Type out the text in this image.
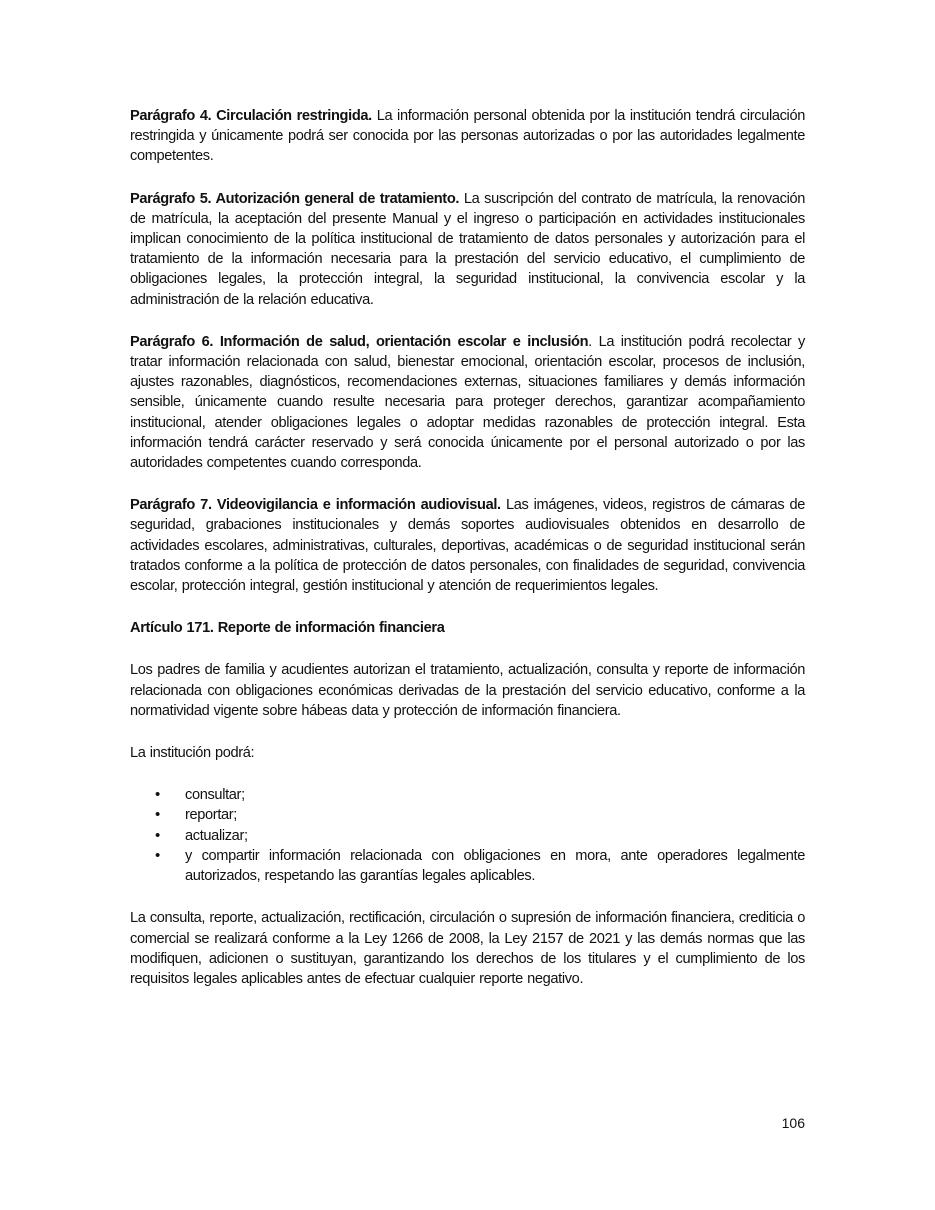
Parágrafo 4. Circulación restringida. La información personal obtenida por la institución tendrá circulación restringida y únicamente podrá ser conocida por las personas autorizadas o por las autoridades legalmente competentes.

Parágrafo 5. Autorización general de tratamiento. La suscripción del contrato de matrícula, la renovación de matrícula, la aceptación del presente Manual y el ingreso o participación en actividades institucionales implican conocimiento de la política institucional de tratamiento de datos personales y autorización para el tratamiento de la información necesaria para la prestación del servicio educativo, el cumplimiento de obligaciones legales, la protección integral, la seguridad institucional, la convivencia escolar y la administración de la relación educativa.

Parágrafo 6. Información de salud, orientación escolar e inclusión. La institución podrá recolectar y tratar información relacionada con salud, bienestar emocional, orientación escolar, procesos de inclusión, ajustes razonables, diagnósticos, recomendaciones externas, situaciones familiares y demás información sensible, únicamente cuando resulte necesaria para proteger derechos, garantizar acompañamiento institucional, atender obligaciones legales o adoptar medidas razonables de protección integral. Esta información tendrá carácter reservado y será conocida únicamente por el personal autorizado o por las autoridades competentes cuando corresponda.

Parágrafo 7. Videovigilancia e información audiovisual. Las imágenes, videos, registros de cámaras de seguridad, grabaciones institucionales y demás soportes audiovisuales obtenidos en desarrollo de actividades escolares, administrativas, culturales, deportivas, académicas o de seguridad institucional serán tratados conforme a la política de protección de datos personales, con finalidades de seguridad, convivencia escolar, protección integral, gestión institucional y atención de requerimientos legales.

Artículo 171. Reporte de información financiera

Los padres de familia y acudientes autorizan el tratamiento, actualización, consulta y reporte de información relacionada con obligaciones económicas derivadas de la prestación del servicio educativo, conforme a la normatividad vigente sobre hábeas data y protección de información financiera.

La institución podrá:

• consultar;
• reportar;
• actualizar;
• y compartir información relacionada con obligaciones en mora, ante operadores legalmente autorizados, respetando las garantías legales aplicables.

La consulta, reporte, actualización, rectificación, circulación o supresión de información financiera, crediticia o comercial se realizará conforme a la Ley 1266 de 2008, la Ley 2157 de 2021 y las demás normas que las modifiquen, adicionen o sustituyan, garantizando los derechos de los titulares y el cumplimiento de los requisitos legales aplicables antes de efectuar cualquier reporte negativo.

106
